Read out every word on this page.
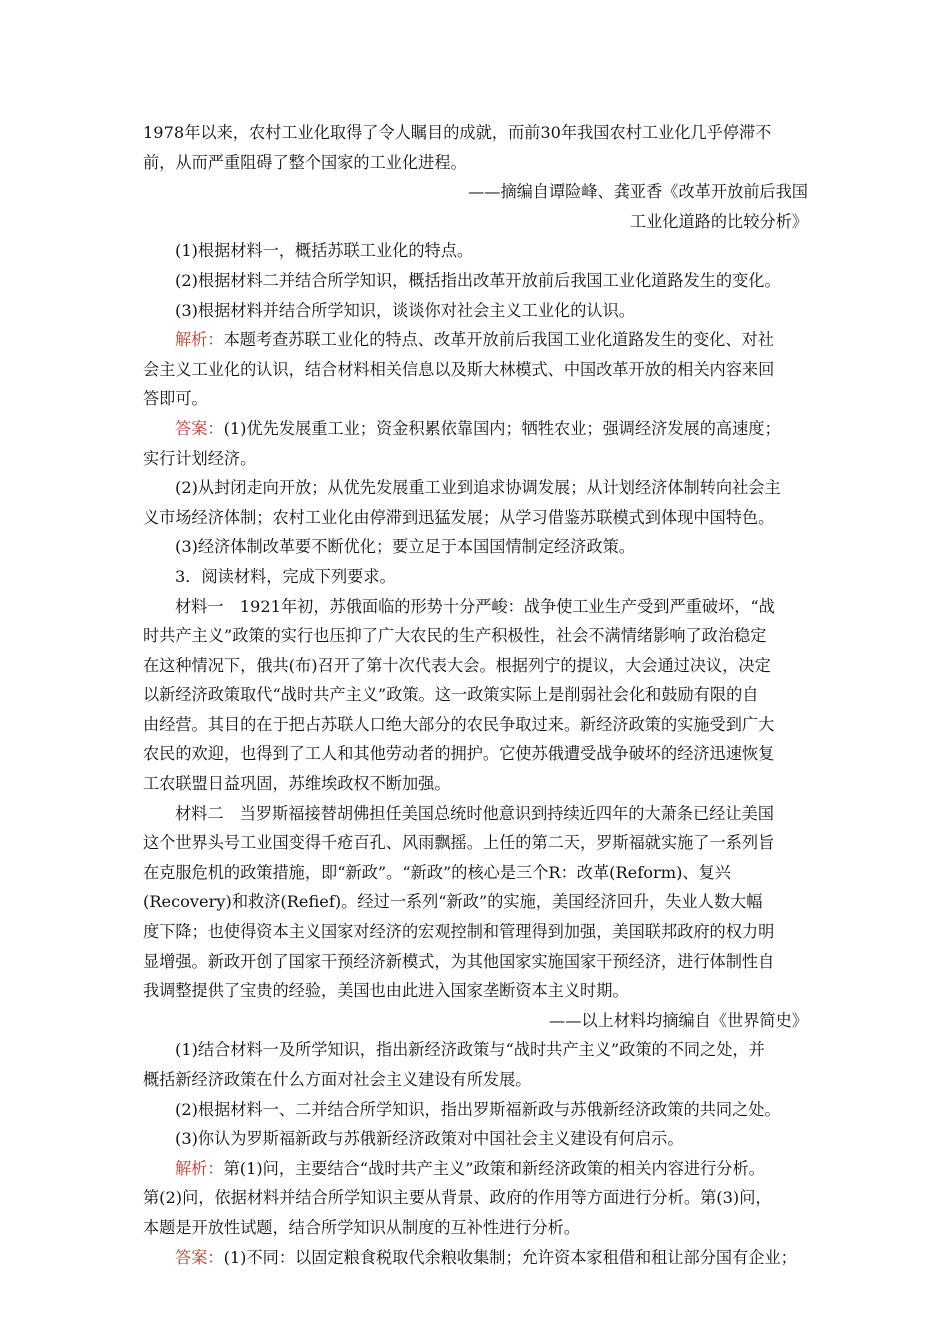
1978年以来，农村工业化取得了令人瞩目的成就，而前30年我国农村工业化几乎停滞不
前，从而严重阻碍了整个国家的工业化进程。
——摘编自谭险峰、龚亚香《改革开放前后我国
工业化道路的比较分析》
(1)根据材料一，概括苏联工业化的特点。
(2)根据材料二并结合所学知识，概括指出改革开放前后我国工业化道路发生的变化。
(3)根据材料并结合所学知识，谈谈你对社会主义工业化的认识。
解析：本题考查苏联工业化的特点、改革开放前后我国工业化道路发生的变化、对社
会主义工业化的认识，结合材料相关信息以及斯大林模式、中国改革开放的相关内容来回
答即可。
答案：(1)优先发展重工业；资金积累依靠国内；牺牲农业；强调经济发展的高速度；
实行计划经济。
(2)从封闭走向开放；从优先发展重工业到追求协调发展；从计划经济体制转向社会主
义市场经济体制；农村工业化由停滞到迅猛发展；从学习借鉴苏联模式到体现中国特色。
(3)经济体制改革要不断优化；要立足于本国国情制定经济政策。
3．阅读材料，完成下列要求。
材料一　1921年初，苏俄面临的形势十分严峻：战争使工业生产受到严重破坏，“战
时共产主义”政策的实行也压抑了广大农民的生产积极性，社会不满情绪影响了政治稳定
在这种情况下，俄共(布)召开了第十次代表大会。根据列宁的提议，大会通过决议，决定
以新经济政策取代“战时共产主义”政策。这一政策实际上是削弱社会化和鼓励有限的自
由经营。其目的在于把占苏联人口绝大部分的农民争取过来。新经济政策的实施受到广大
农民的欢迎，也得到了工人和其他劳动者的拥护。它使苏俄遭受战争破坏的经济迅速恢复
工农联盟日益巩固，苏维埃政权不断加强。
材料二　当罗斯福接替胡佛担任美国总统时他意识到持续近四年的大萧条已经让美国
这个世界头号工业国变得千疮百孔、风雨飘摇。上任的第二天，罗斯福就实施了一系列旨
在克服危机的政策措施，即“新政”。“新政”的核心是三个R：改革(Reform)、复兴
(Recovery)和救济(Refief)。经过一系列“新政”的实施，美国经济回升，失业人数大幅
度下降；也使得资本主义国家对经济的宏观控制和管理得到加强，美国联邦政府的权力明
显增强。新政开创了国家干预经济新模式，为其他国家实施国家干预经济，进行体制性自
我调整提供了宝贵的经验，美国也由此进入国家垄断资本主义时期。
——以上材料均摘编自《世界简史》
(1)结合材料一及所学知识，指出新经济政策与“战时共产主义”政策的不同之处，并
概括新经济政策在什么方面对社会主义建设有所发展。
(2)根据材料一、二并结合所学知识，指出罗斯福新政与苏俄新经济政策的共同之处。
(3)你认为罗斯福新政与苏俄新经济政策对中国社会主义建设有何启示。
解析：第(1)问，主要结合“战时共产主义”政策和新经济政策的相关内容进行分析。
第(2)问，依据材料并结合所学知识主要从背景、政府的作用等方面进行分析。第(3)问，
本题是开放性试题，结合所学知识从制度的互补性进行分析。
答案：(1)不同：以固定粮食税取代余粮收集制；允许资本家租借和租让部分国有企业；
